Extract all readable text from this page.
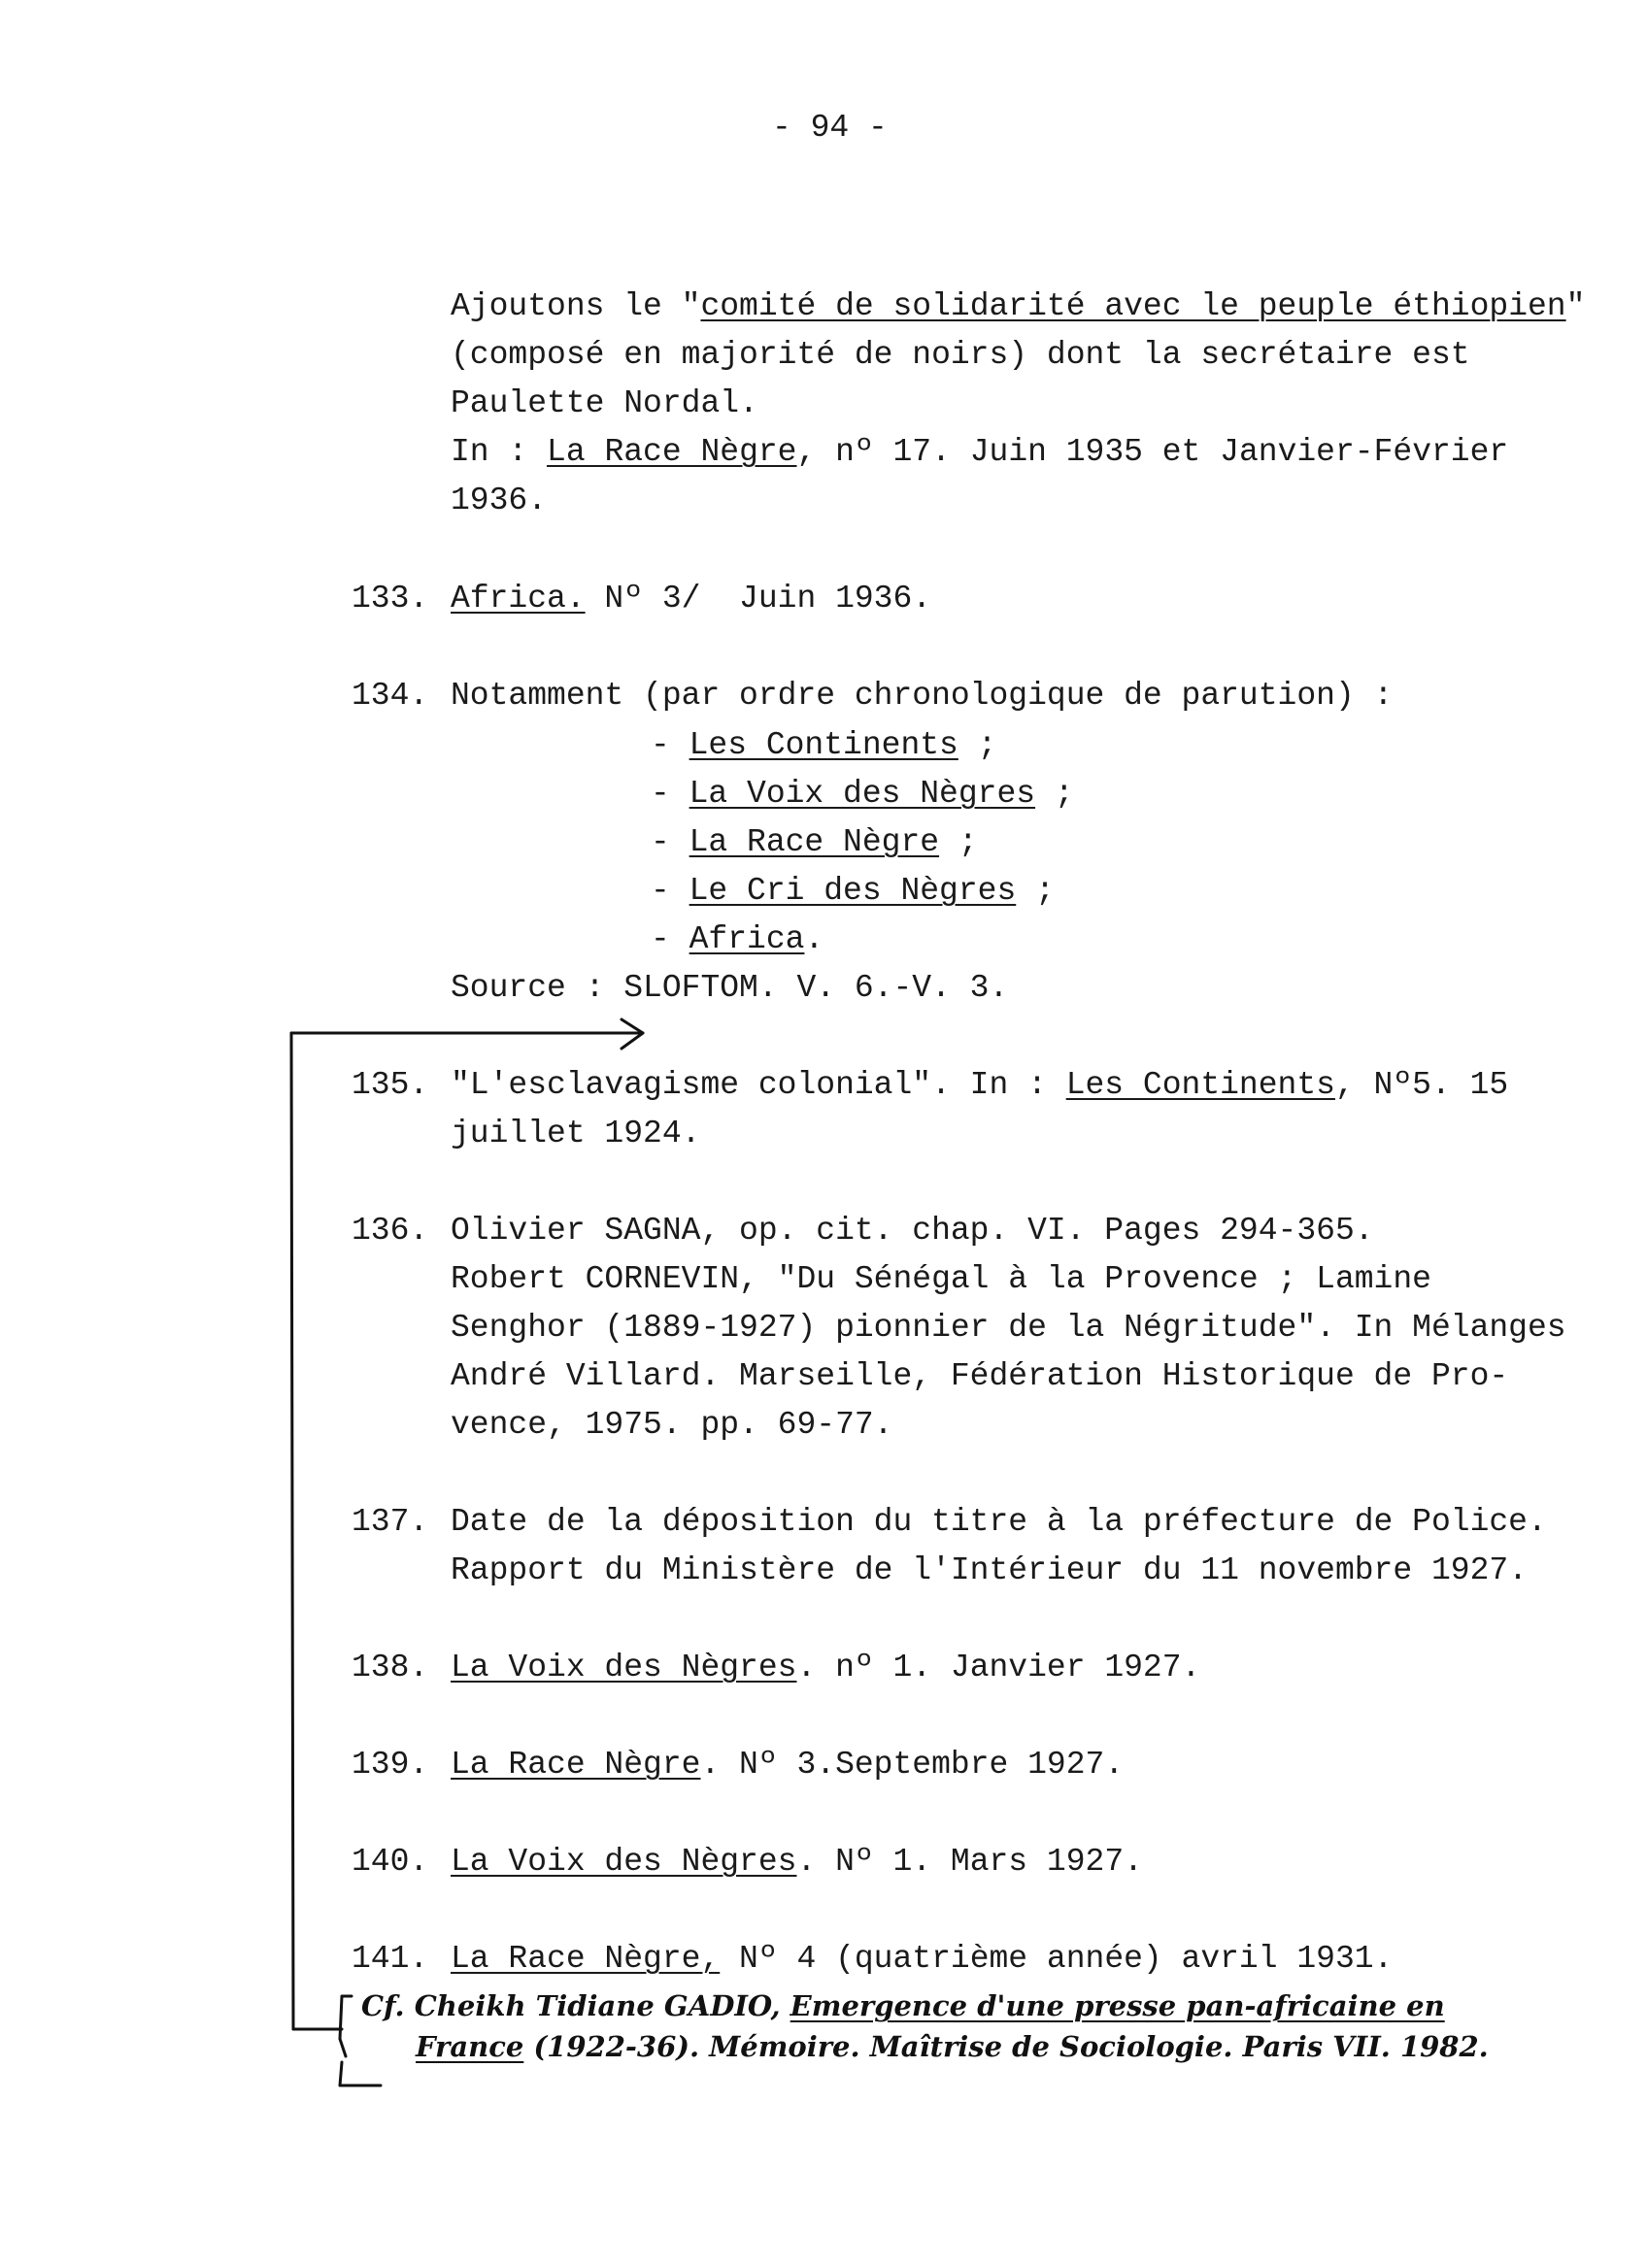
- 94 -
Ajoutons le "comité de solidarité avec le peuple éthiopien"
(composé en majorité de noirs) dont la secrétaire est
Paulette Nordal.
In : La Race Nègre, nº 17. Juin 1935 et Janvier-Février
1936.
133. Africa. Nº 3/  Juin 1936.
134. Notamment (par ordre chronologique de parution) :
- Les Continents ;
- La Voix des Nègres ;
- La Race Nègre ;
- Le Cri des Nègres ;
- Africa.
Source : SLOFTOM. V. 6.-V. 3.
135. "L'esclavagisme colonial". In : Les Continents, Nº5. 15
juillet 1924.
136. Olivier SAGNA, op. cit. chap. VI. Pages 294-365.
Robert CORNEVIN, "Du Sénégal à la Provence ; Lamine
Senghor (1889-1927) pionnier de la Négritude". In Mélanges
André Villard. Marseille, Fédération Historique de Pro-
vence, 1975. pp. 69-77.
137. Date de la déposition du titre à la préfecture de Police.
Rapport du Ministère de l'Intérieur du 11 novembre 1927.
138. La Voix des Nègres. nº 1. Janvier 1927.
139. La Race Nègre. Nº 3.Septembre 1927.
140. La Voix des Nègres. Nº 1. Mars 1927.
141. La Race Nègre, Nº 4 (quatrième année) avril 1931.
Cf. Cheikh Tidiane GADIO, Emergence d'une presse pan-africaine en
France (1922-36). Mémoire. Maîtrise de Sociologie. Paris VII. 1982.
